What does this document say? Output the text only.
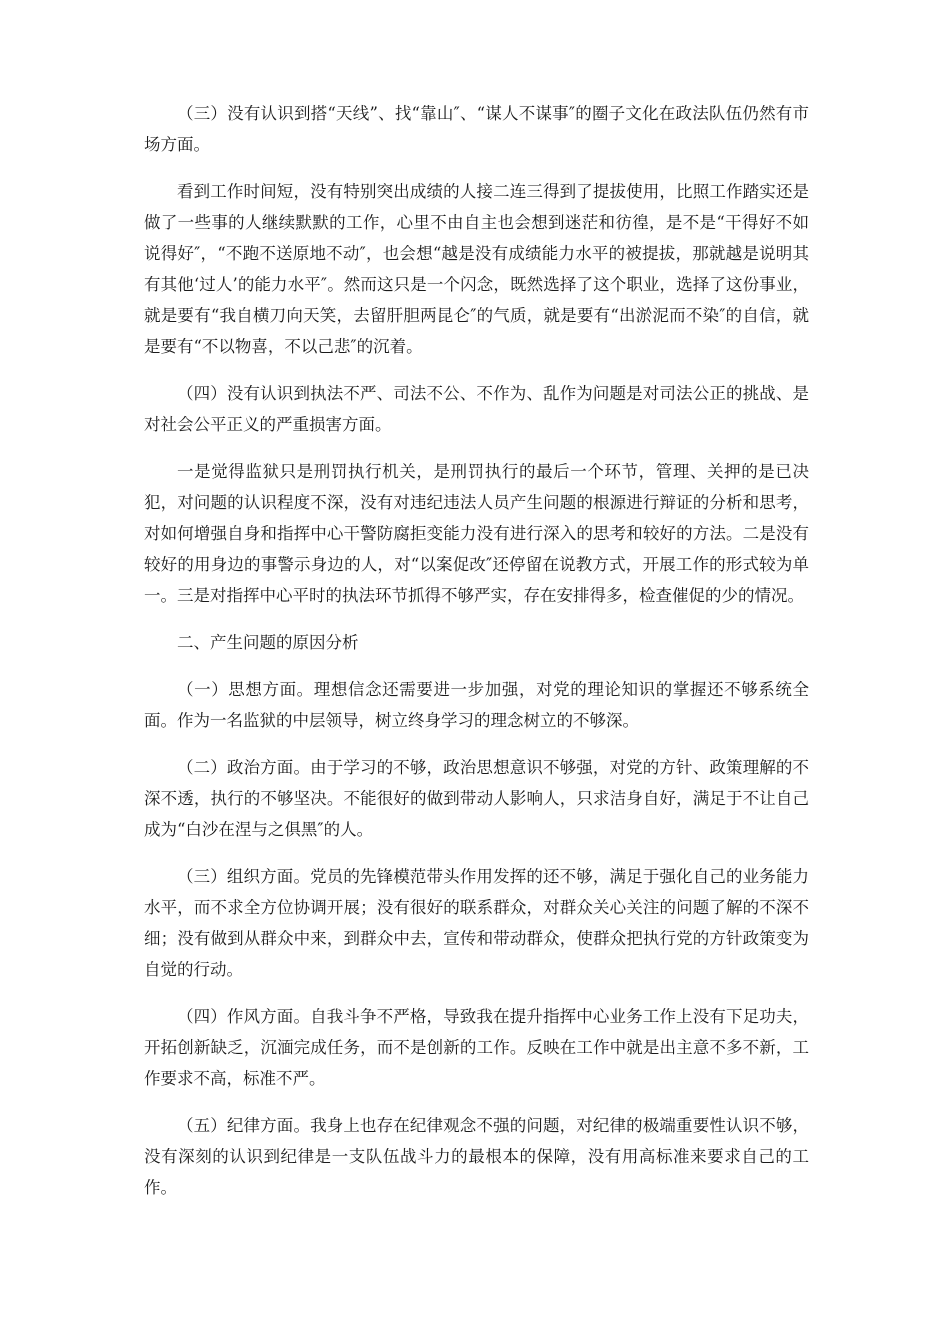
（三）没有认识到搭“天线”、找“靠山″、“谋人不谋事″的圈子文化在政法队伍仍然有市场方面。

看到工作时间短，没有特别突出成绩的人接二连三得到了提拔使用，比照工作踏实还是做了一些事的人继续默默的工作，心里不由自主也会想到迷茫和彷徨，是不是“干得好不如说得好″，“不跑不送原地不动″，也会想“越是没有成绩能力水平的被提拔，那就越是说明其有其他‘过人’的能力水平″。然而这只是一个闪念，既然选择了这个职业，选择了这份事业，就是要有“我自横刀向天笑，去留肝胆两昆仑″的气质，就是要有“出淤泥而不染″的自信，就是要有“不以物喜，不以己悲″的沉着。

（四）没有认识到执法不严、司法不公、不作为、乱作为问题是对司法公正的挑战、是对社会公平正义的严重损害方面。

一是觉得监狱只是刑罚执行机关，是刑罚执行的最后一个环节，管理、关押的是已决犯，对问题的认识程度不深，没有对违纪违法人员产生问题的根源进行辩证的分析和思考，对如何增强自身和指挥中心干警防腐拒变能力没有进行深入的思考和较好的方法。二是没有较好的用身边的事警示身边的人，对“以案促改″还停留在说教方式，开展工作的形式较为单一。三是对指挥中心平时的执法环节抓得不够严实，存在安排得多，检查催促的少的情况。

二、产生问题的原因分析

（一）思想方面。理想信念还需要进一步加强，对党的理论知识的掌握还不够系统全面。作为一名监狱的中层领导，树立终身学习的理念树立的不够深。

（二）政治方面。由于学习的不够，政治思想意识不够强，对党的方针、政策理解的不深不透，执行的不够坚决。不能很好的做到带动人影响人，只求洁身自好，满足于不让自己成为“白沙在涅与之俱黑″的人。

（三）组织方面。党员的先锋模范带头作用发挥的还不够，满足于强化自己的业务能力水平，而不求全方位协调开展；没有很好的联系群众，对群众关心关注的问题了解的不深不细；没有做到从群众中来，到群众中去，宣传和带动群众，使群众把执行党的方针政策变为自觉的行动。

（四）作风方面。自我斗争不严格，导致我在提升指挥中心业务工作上没有下足功夫，开拓创新缺乏，沉湎完成任务，而不是创新的工作。反映在工作中就是出主意不多不新，工作要求不高，标准不严。

（五）纪律方面。我身上也存在纪律观念不强的问题，对纪律的极端重要性认识不够，没有深刻的认识到纪律是一支队伍战斗力的最根本的保障，没有用高标准来要求自己的工作。
